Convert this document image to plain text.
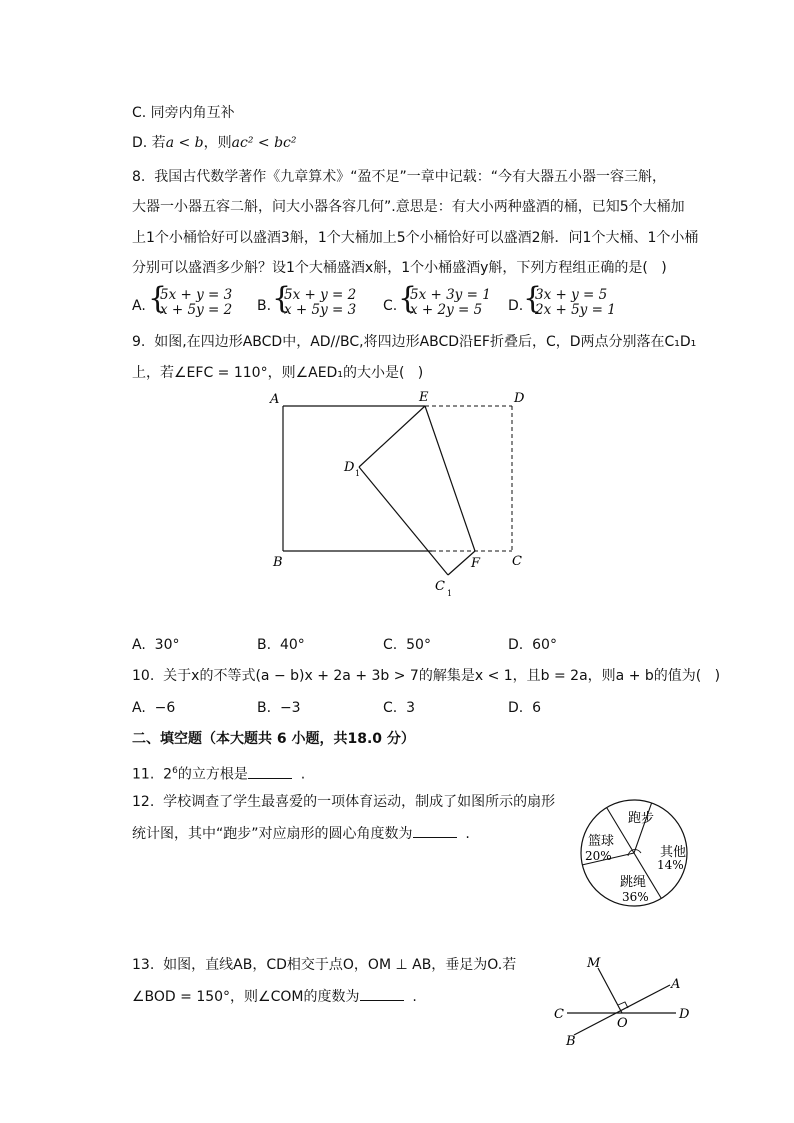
C. 同旁内角互补
D. 若a < b，则ac² < bc²
8.  我国古代数学著作《九章算术》“盈不足”一章中记载：“今有大器五小器一容三斛，
大器一小器五容二斛，问大小器各容几何”.意思是：有大小两种盛酒的桶，已知5个大桶加
上1个小桶恰好可以盛酒3斛，1个大桶加上5个小桶恰好可以盛酒2斛．问1个大桶、1个小桶
分别可以盛酒多少斛？设1个大桶盛酒x斛，1个小桶盛酒y斛，下列方程组正确的是(   )
A. {
5x + y = 3
x + 5y = 2 B. {
5x + y = 2
x + 5y = 3 C. {
5x + 3y = 1
x + 2y = 5 D. {
3x + y = 5
2x + 5y = 1
9.  如图,在四边形ABCD中，AD//BC,将四边形ABCD沿EF折叠后，C，D两点分别落在C₁D₁
上，若∠EFC = 110°，则∠AED₁的大小是(   )
A	E	D
B	F C
D 1
C 1
A.  30°	B.  40°	C.  50°	D.  60°
10.  关于x的不等式(a − b)x + 2a + 3b > 7的解集是x < 1，且b = 2a，则a + b的值为(   )
A.  −6	B.  −3	C.  3	D.  6
二、填空题（本大题共 6 小题，共18.0 分）
11.  $2^6$的立方根是	.
12.  学校调查了学生最喜爱的一项体育运动，制成了如图所示的扇形
统计图，其中“跑步”对应扇形的圆心角度数为	.
跑步
篮球
20%	其他
14%
跳绳
36%
13.  如图，直线AB，CD相交于点O，OM ⊥ AB，垂足为O.若
∠BOD = 150°，则∠COM的度数为	.
M
A
C	D
O
B
